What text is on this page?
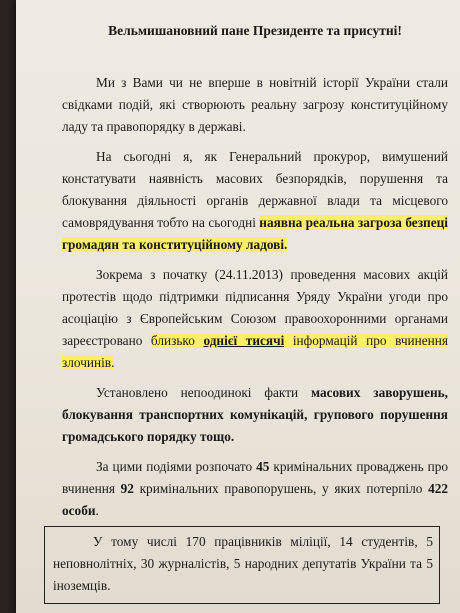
Вельмишановний пане Президенте та присутні!

Ми з Вами чи не вперше в новітній історії України стали свідками подій, які створюють реальну загрозу конституційному ладу та правопорядку в державі.

На сьогодні я, як Генеральний прокурор, вимушений констатувати наявність масових безпорядків, порушення та блокування діяльності органів державної влади та місцевого самоврядування тобто на сьогодні наявна реальна загроза безпеці громадян та конституційному ладові.

Зокрема з початку (24.11.2013) проведення масових акцій протестів щодо підтримки підписання Уряду України угоди про асоціацію з Європейським Союзом правоохоронними органами зареєстровано близько однієї тисячі інформацій про вчинення злочинів.

Установлено непоодинокі факти масових заворушень, блокування транспортних комунікацій, групового порушення громадського порядку тощо.

За цими подіями розпочато 45 кримінальних проваджень про вчинення 92 кримінальних правопорушень, у яких потерпіло 422 особи.

У тому числі 170 працівників міліції, 14 студентів, 5 неповнолітніх, 30 журналістів, 5 народних депутатів України та 5 іноземців.
